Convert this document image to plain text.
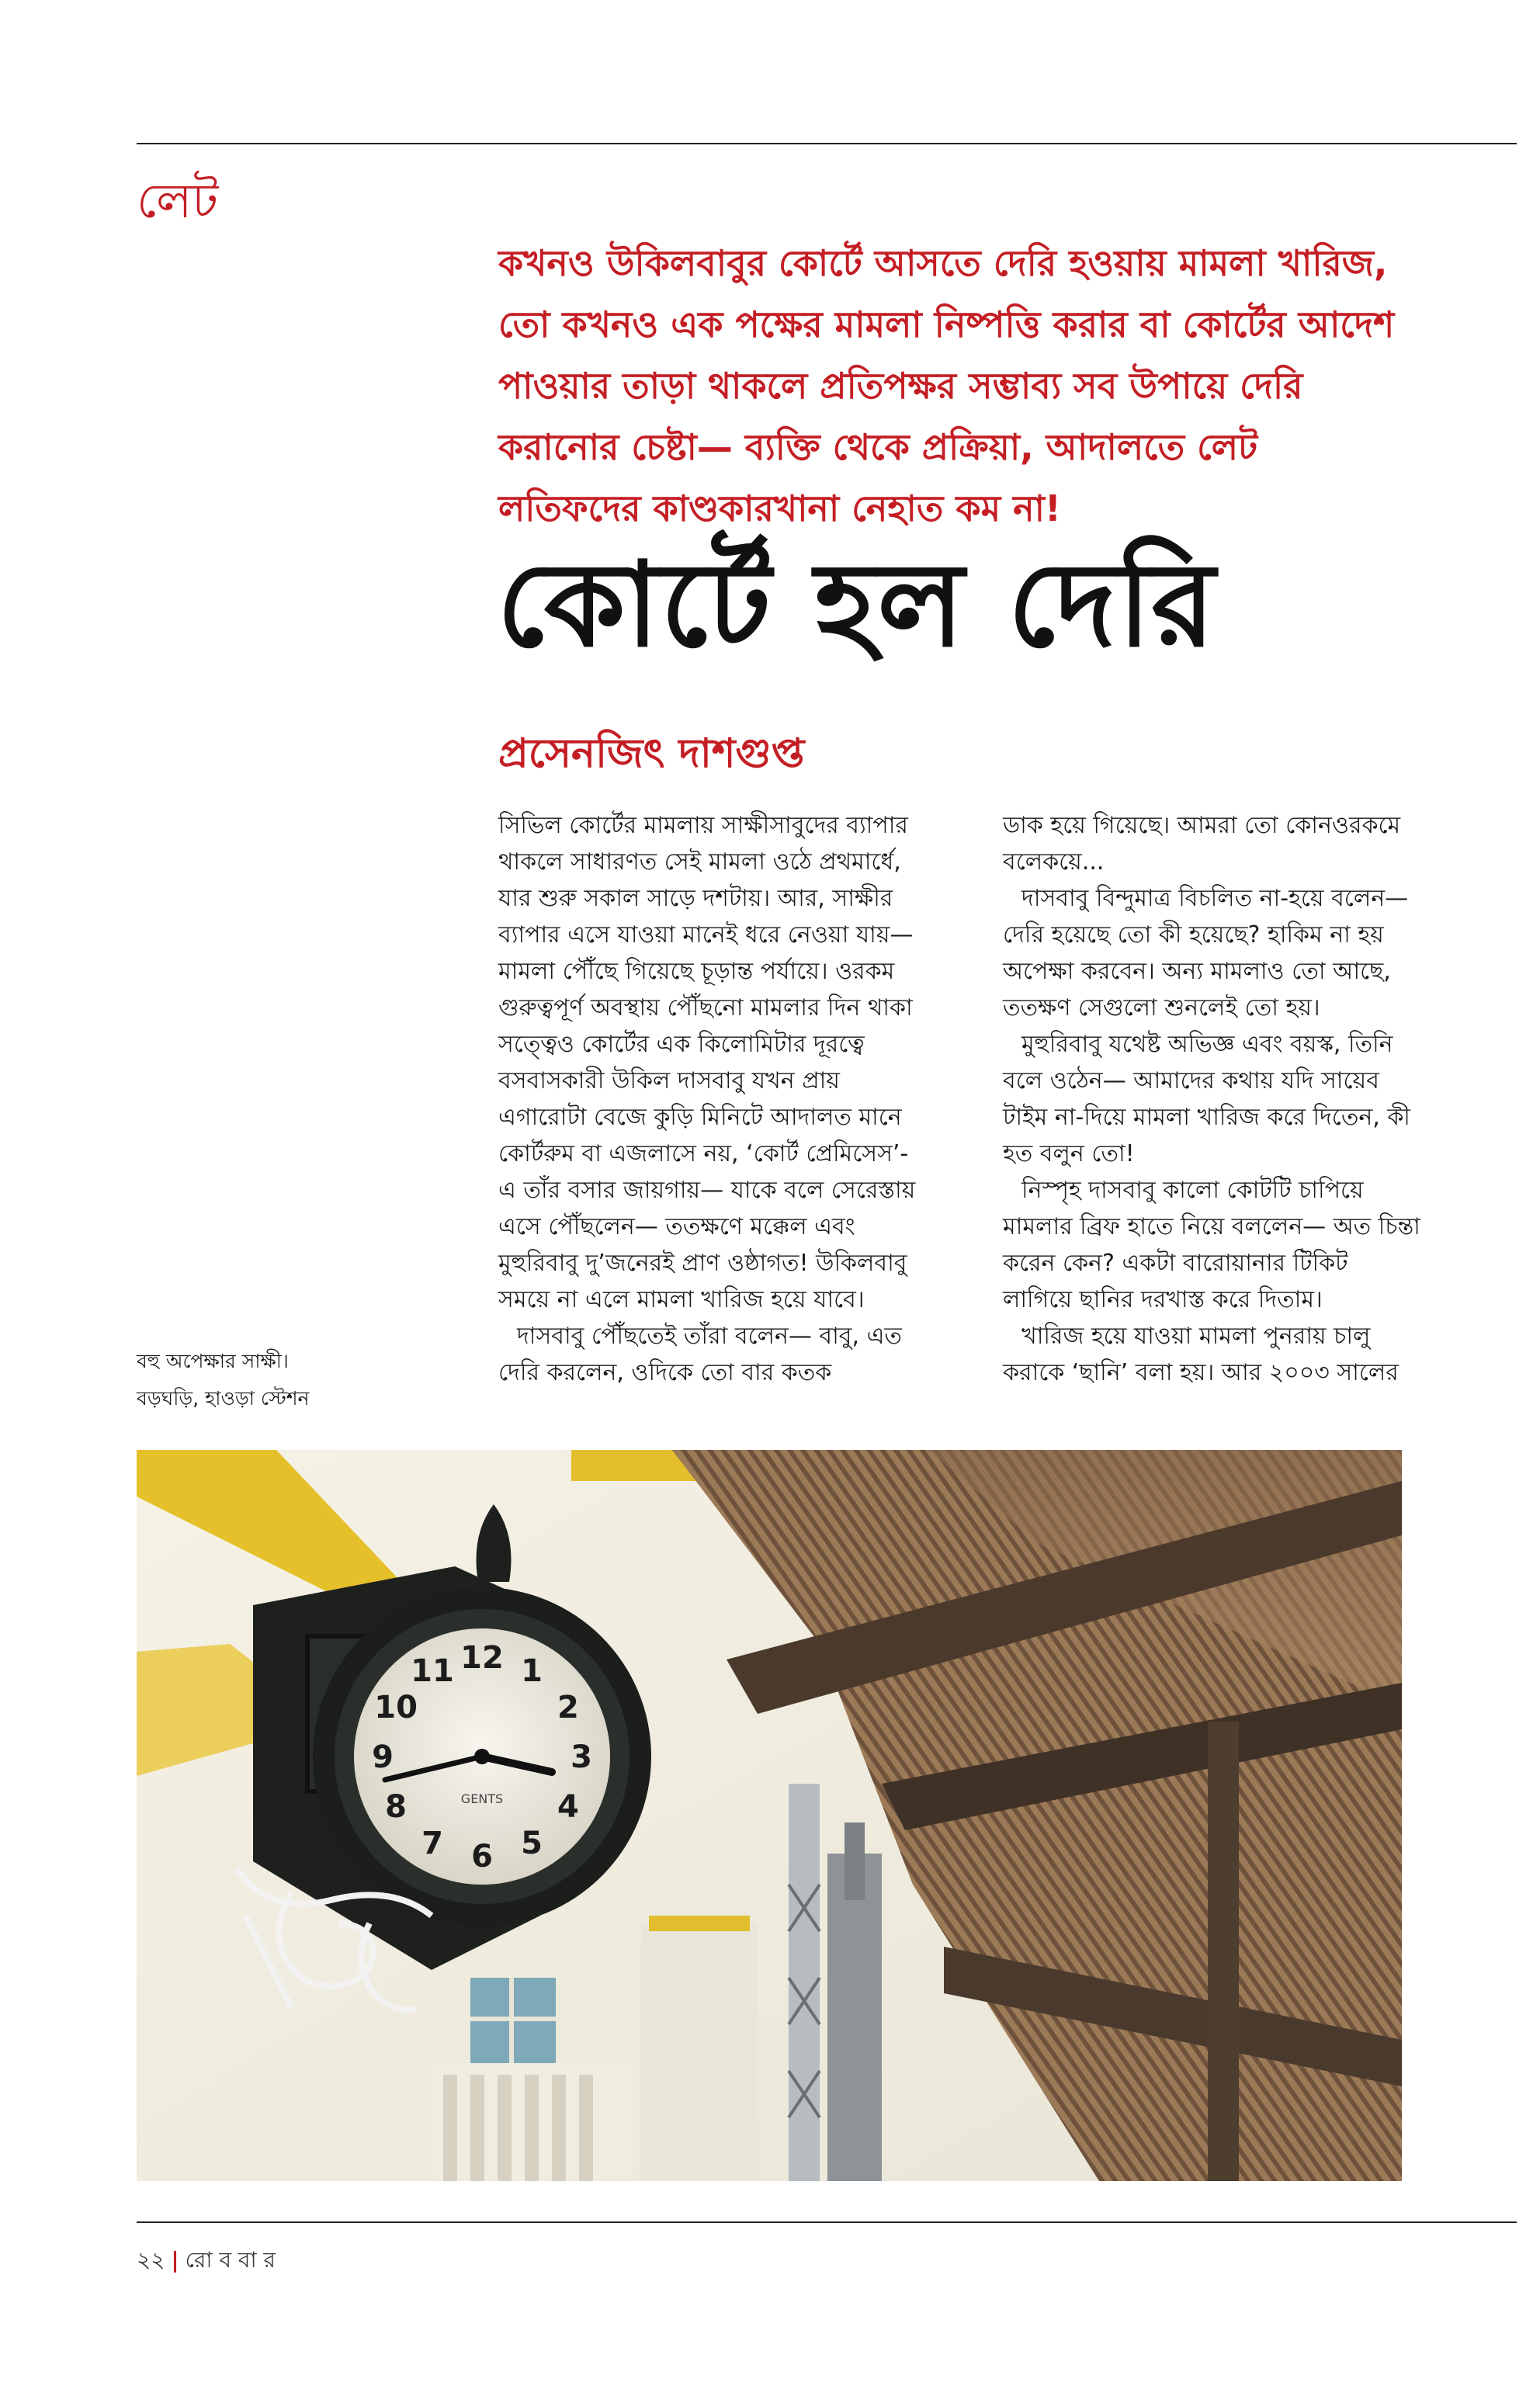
লেট

কখনও উকিলবাবুর কোর্টে আসতে দেরি হওয়ায় মামলা খারিজ, তো কখনও এক পক্ষের মামলা নিষ্পত্তি করার বা কোর্টের আদেশ পাওয়ার তাড়া থাকলে প্রতিপক্ষর সম্ভাব্য সব উপায়ে দেরি করানোর চেষ্টা— ব্যক্তি থেকে প্রক্রিয়া, আদালতে লেট লতিফদের কাণ্ডকারখানা নেহাত কম না!

কোর্টে হল দেরি
প্রসেনজিৎ দাশগুপ্ত

সিভিল কোর্টের মামলায় সাক্ষীসাবুদের ব্যাপার থাকলে সাধারণত সেই মামলা ওঠে প্রথমার্ধে, যার শুরু সকাল সাড়ে দশটায়। আর, সাক্ষীর ব্যাপার এসে যাওয়া মানেই ধরে নেওয়া যায়— মামলা পৌঁছে গিয়েছে চূড়ান্ত পর্যায়ে। ওরকম গুরুত্বপূর্ণ অবস্থায় পৌঁছনো মামলার দিন থাকা সত্ত্বেও কোর্টের এক কিলোমিটার দূরত্বে বসবাসকারী উকিল দাসবাবু যখন প্রায় এগারোটা বেজে কুড়ি মিনিটে আদালত মানে কোর্টরুম বা এজলাসে নয়, ‘কোর্ট প্রেমিসেস’-এ তাঁর বসার জায়গায়— যাকে বলে সেরেস্তায় এসে পৌঁছলেন— ততক্ষণে মক্কেল এবং মুহুরিবাবু দু’জনেরই প্রাণ ওষ্ঠাগত! উকিলবাবু সময়ে না এলে মামলা খারিজ হয়ে যাবে।

দাসবাবু পৌঁছতেই তাঁরা বলেন— বাবু, এত দেরি করলেন, ওদিকে তো বার কতক

ডাক হয়ে গিয়েছে। আমরা তো কোনওরকমে বলেকয়ে...

দাসবাবু বিন্দুমাত্র বিচলিত না-হয়ে বলেন— দেরি হয়েছে তো কী হয়েছে? হাকিম না হয় অপেক্ষা করবেন। অন্য মামলাও তো আছে, ততক্ষণ সেগুলো শুনলেই তো হয়।

মুহুরিবাবু যথেষ্ট অভিজ্ঞ এবং বয়স্ক, তিনি বলে ওঠেন— আমাদের কথায় যদি সায়েব টাইম না-দিয়ে মামলা খারিজ করে দিতেন, কী হত বলুন তো!

নিস্পৃহ দাসবাবু কালো কোটটি চাপিয়ে মামলার ব্রিফ হাতে নিয়ে বললেন— অত চিন্তা করেন কেন? একটা বারোয়ানার টিকিট লাগিয়ে ছানির দরখাস্ত করে দিতাম।

খারিজ হয়ে যাওয়া মামলা পুনরায় চালু করাকে ‘ছানি’ বলা হয়। আর ২০০৩ সালের

বহু অপেক্ষার সাক্ষী।
বড়ঘড়ি, হাওড়া স্টেশন
12 1
2
3
4
5
6
7
8
9
10
11
GENTS
২২ | রো ব বা র
